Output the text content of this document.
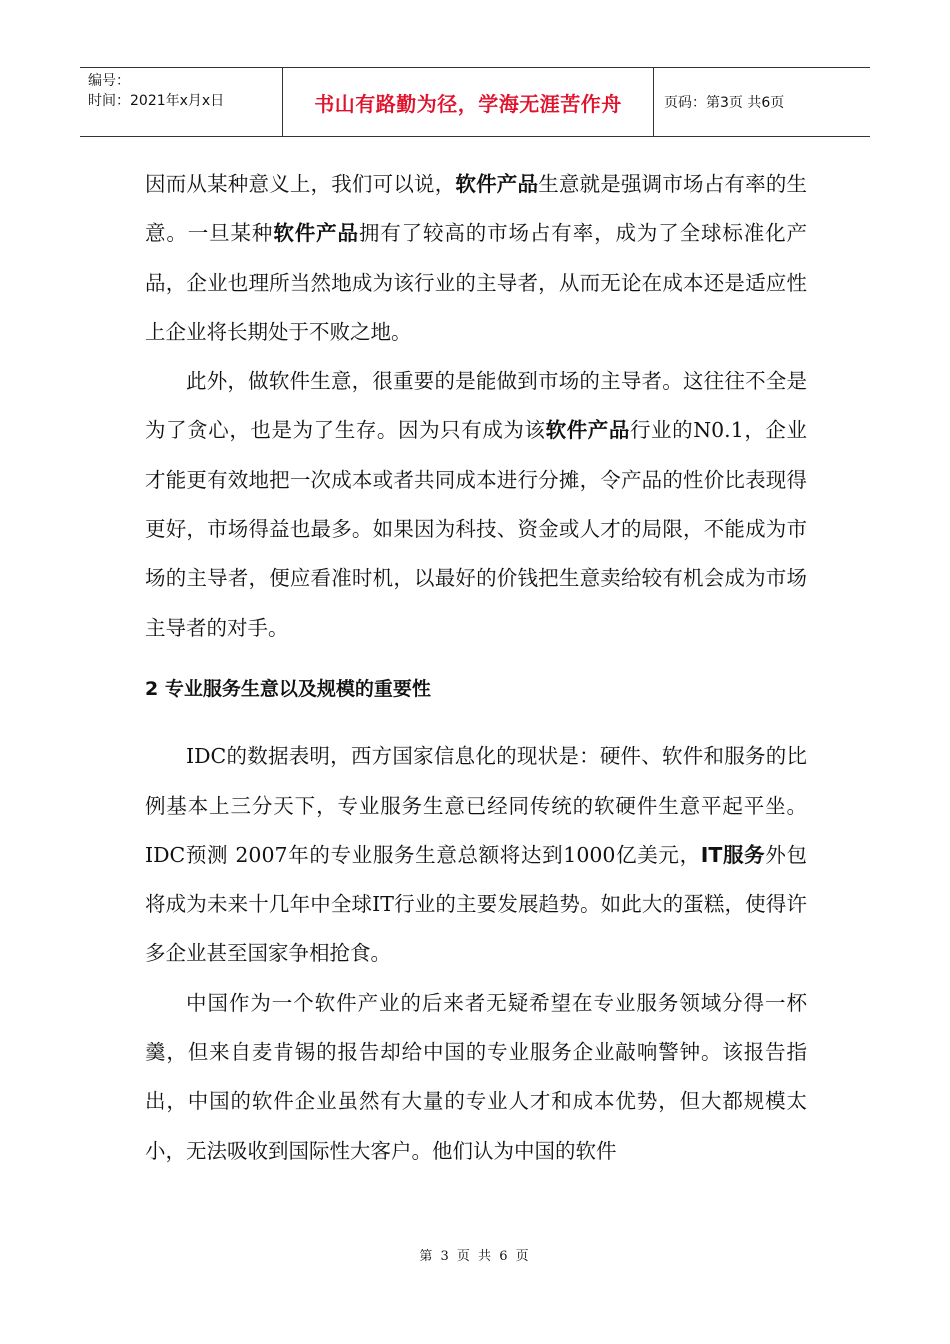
编号：
时间：2021年x月x日	书山有路勤为径，学海无涯苦作舟	页码：第3页 共6页

因而从某种意义上，我们可以说，软件产品生意就是强调市场占有率的生意。一旦某种软件产品拥有了较高的市场占有率，成为了全球标准化产品，企业也理所当然地成为该行业的主导者，从而无论在成本还是适应性上企业将长期处于不败之地。

此外，做软件生意，很重要的是能做到市场的主导者。这往往不全是为了贪心，也是为了生存。因为只有成为该软件产品行业的N0.1，企业才能更有效地把一次成本或者共同成本进行分摊，令产品的性价比表现得更好，市场得益也最多。如果因为科技、资金或人才的局限，不能成为市场的主导者，便应看准时机，以最好的价钱把生意卖给较有机会成为市场主导者的对手。

2 专业服务生意以及规模的重要性

IDC的数据表明，西方国家信息化的现状是：硬件、软件和服务的比例基本上三分天下，专业服务生意已经同传统的软硬件生意平起平坐。IDC预测 2007年的专业服务生意总额将达到1000亿美元，IT服务外包将成为未来十几年中全球IT行业的主要发展趋势。如此大的蛋糕，使得许多企业甚至国家争相抢食。

中国作为一个软件产业的后来者无疑希望在专业服务领域分得一杯羹，但来自麦肯锡的报告却给中国的专业服务企业敲响警钟。该报告指出，中国的软件企业虽然有大量的专业人才和成本优势，但大都规模太小，无法吸收到国际性大客户。他们认为中国的软件

第 3 页 共 6 页
